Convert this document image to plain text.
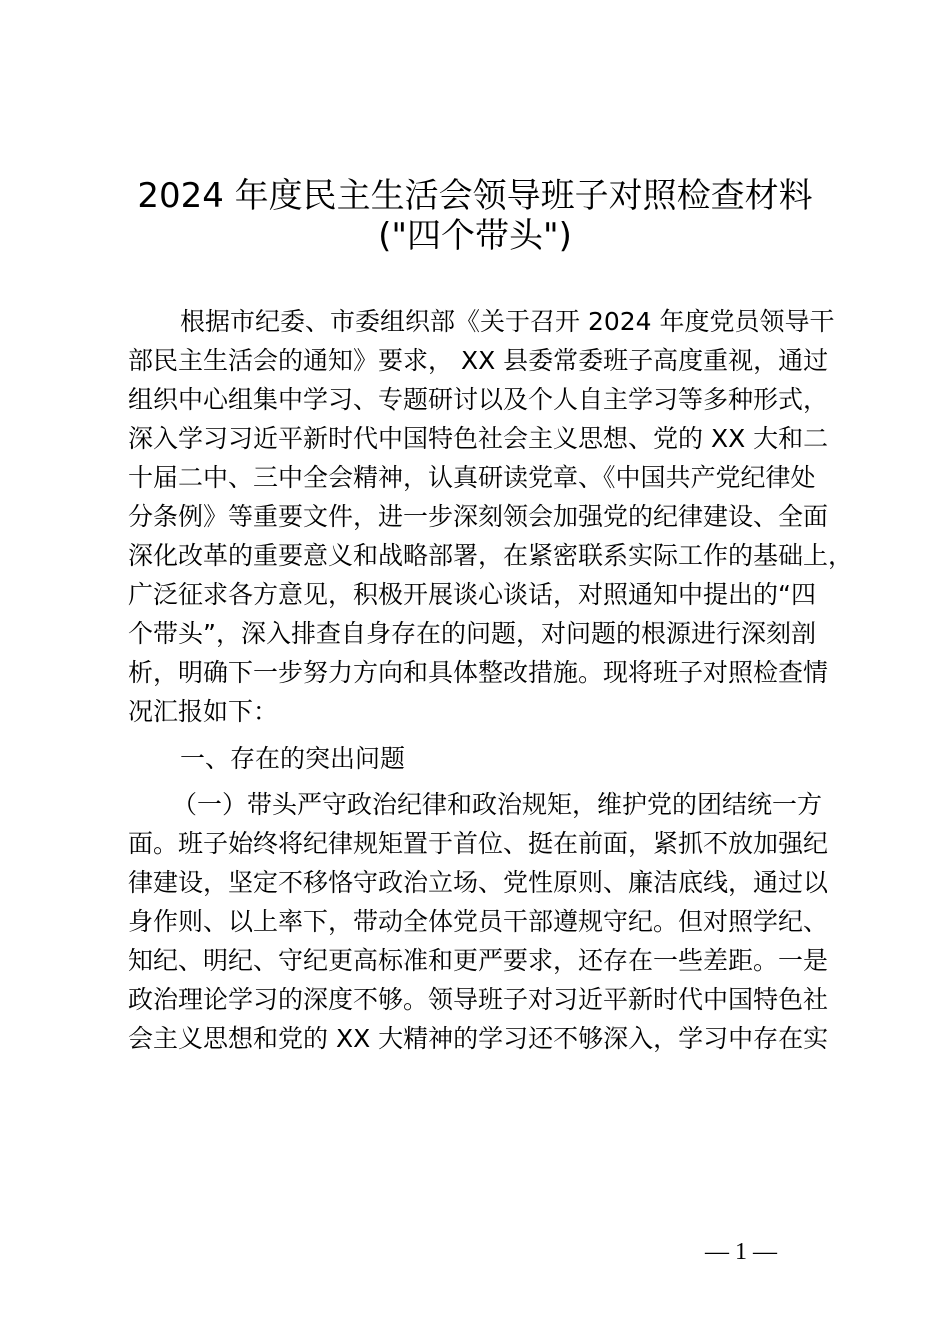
2024 年度民主生活会领导班子对照检查材料
("四个带头")
根据市纪委、市委组织部《关于召开 2024 年度党员领导干
部民主生活会的通知》要求， XX 县委常委班子高度重视，通过
组织中心组集中学习、专题研讨以及个人自主学习等多种形式，
深入学习习近平新时代中国特色社会主义思想、党的 XX 大和二
十届二中、三中全会精神，认真研读党章、《中国共产党纪律处
分条例》等重要文件，进一步深刻领会加强党的纪律建设、全面
深化改革的重要意义和战略部署，在紧密联系实际工作的基础上，
广泛征求各方意见，积极开展谈心谈话，对照通知中提出的“四
个带头”，深入排查自身存在的问题，对问题的根源进行深刻剖
析，明确下一步努力方向和具体整改措施。现将班子对照检查情
况汇报如下：
一、存在的突出问题
（一）带头严守政治纪律和政治规矩，维护党的团结统一方
面。班子始终将纪律规矩置于首位、挺在前面，紧抓不放加强纪
律建设，坚定不移恪守政治立场、党性原则、廉洁底线，通过以
身作则、以上率下，带动全体党员干部遵规守纪。但对照学纪、
知纪、明纪、守纪更高标准和更严要求，还存在一些差距。一是
政治理论学习的深度不够。领导班子对习近平新时代中国特色社
会主义思想和党的 XX 大精神的学习还不够深入，学习中存在实
— 1 —
